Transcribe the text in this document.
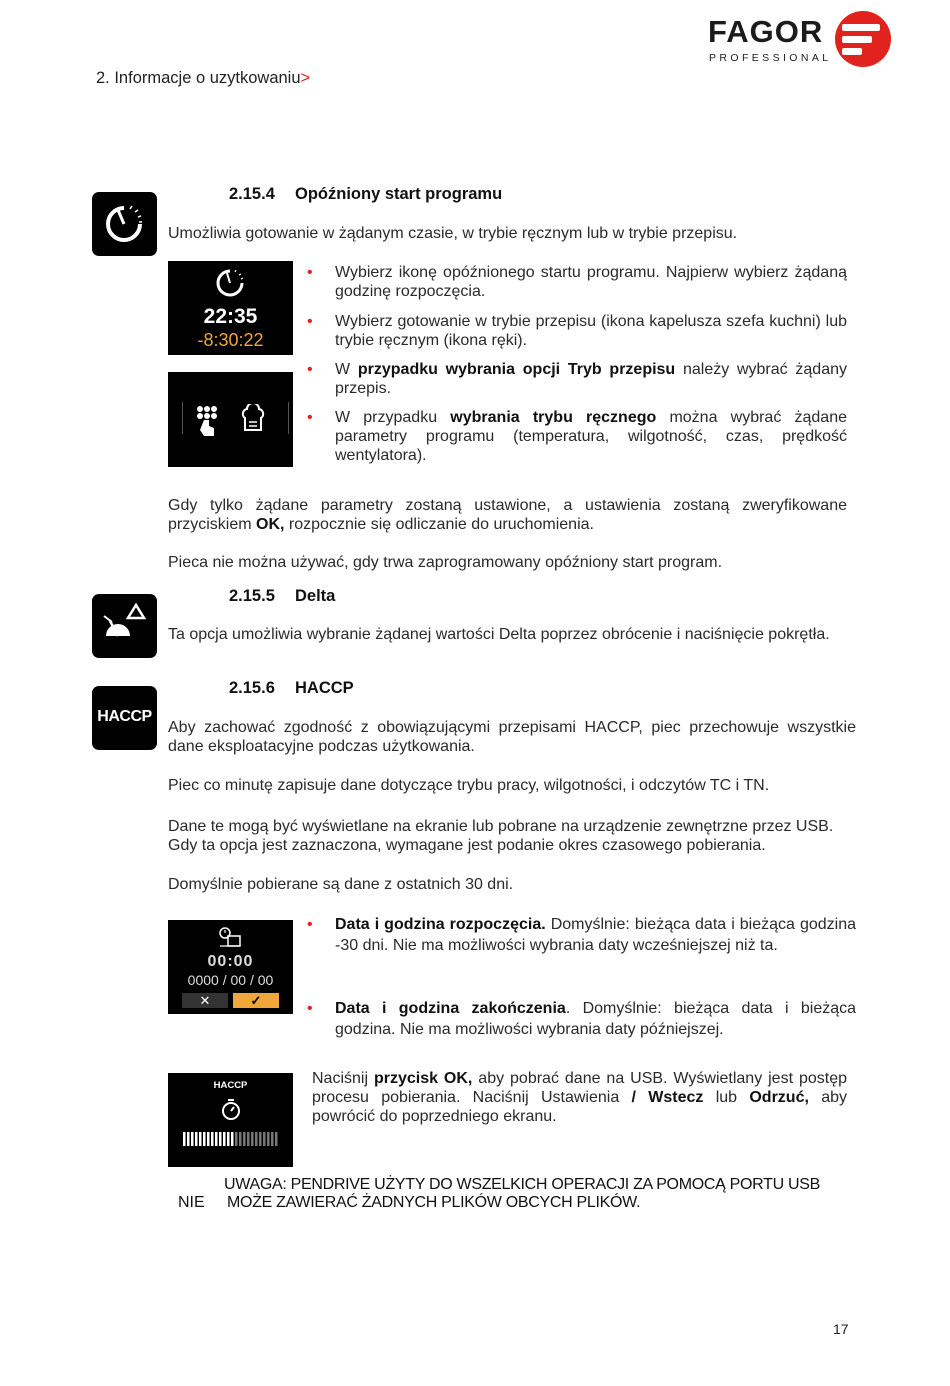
FAGOR
PROFESSIONAL
2. Informacje o uzytkowaniu>
2.15.4 Opóźniony start programu
Umożliwia gotowanie w żądanym czasie, w trybie ręcznym lub w trybie przepisu.
22:35
-8:30:22
• Wybierz ikonę opóźnionego startu programu. Najpierw wybierz żądaną godzinę rozpoczęcia.
• Wybierz gotowanie w trybie przepisu (ikona kapelusza szefa kuchni) lub trybie ręcznym (ikona ręki).
• W przypadku wybrania opcji Tryb przepisu należy wybrać żądany przepis.
• W przypadku wybrania trybu ręcznego można wybrać żądane parametry programu (temperatura, wilgotność, czas, prędkość wentylatora).
Gdy tylko żądane parametry zostaną ustawione, a ustawienia zostaną zweryfikowane przyciskiem OK, rozpocznie się odliczanie do uruchomienia.
Pieca nie można używać, gdy trwa zaprogramowany opóźniony start program.
2.15.5 Delta
Ta opcja umożliwia wybranie żądanej wartości Delta poprzez obrócenie i naciśnięcie pokrętła.
HACCP
2.15.6 HACCP
Aby zachować zgodność z obowiązującymi przepisami HACCP, piec przechowuje wszystkie dane eksploatacyjne podczas użytkowania.
Piec co minutę zapisuje dane dotyczące trybu pracy, wilgotności, i odczytów TC i TN.
Dane te mogą być wyświetlane na ekranie lub pobrane na urządzenie zewnętrzne przez USB. Gdy ta opcja jest zaznaczona, wymagane jest podanie okres czasowego pobierania.
Domyślnie pobierane są dane z ostatnich 30 dni.
00:00
0000 / 00 / 00
✕	✓
• Data i godzina rozpoczęcia. Domyślnie: bieżąca data i bieżąca godzina -30 dni. Nie ma możliwości wybrania daty wcześniejszej niż ta.
• Data i godzina zakończenia. Domyślnie: bieżąca data i bieżąca godzina. Nie ma możliwości wybrania daty późniejszej.
HACCP	Naciśnij przycisk OK, aby pobrać dane na USB. Wyświetlany jest postęp procesu pobierania. Naciśnij Ustawienia / Wstecz lub Odrzuć, aby powrócić do poprzedniego ekranu.
UWAGA: PENDRIVE UŻYTY DO WSZELKICH OPERACJI ZA POMOCĄ PORTU USB
NIE MOŻE ZAWIERAĆ ŻADNYCH PLIKÓW OBCYCH PLIKÓW.
17
